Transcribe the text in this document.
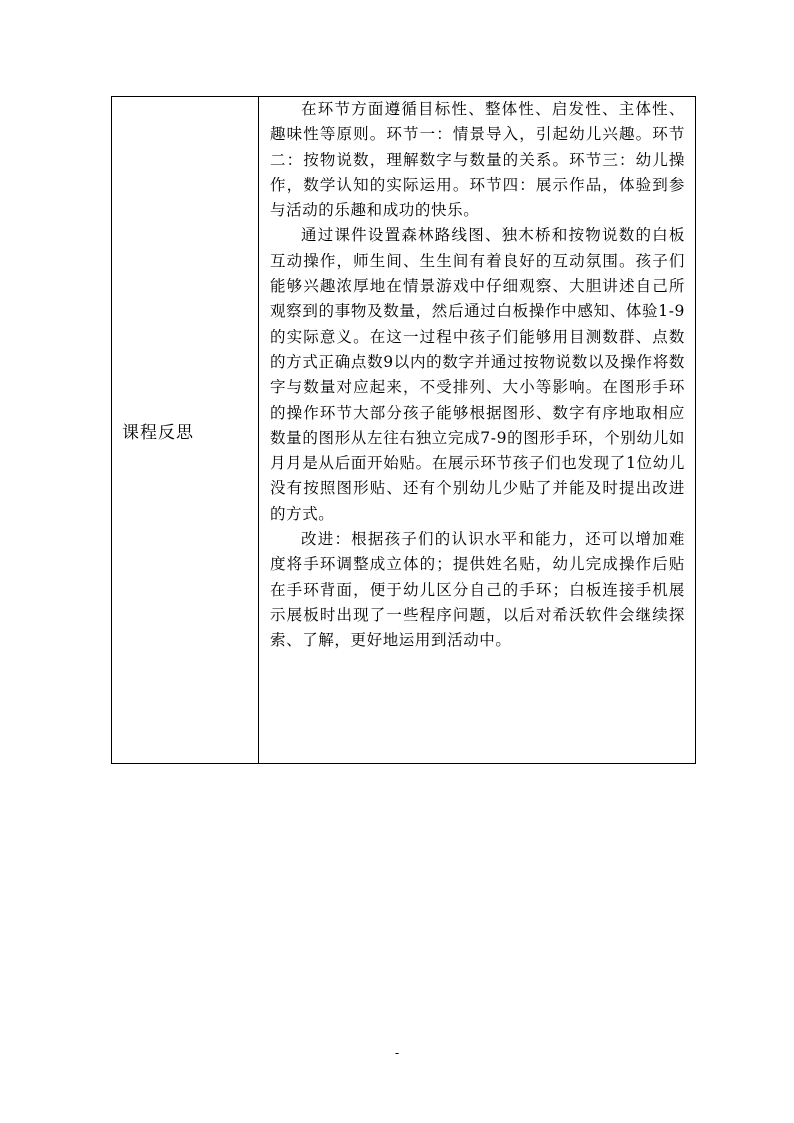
课程反思

在环节方面遵循目标性、整体性、启发性、主体性、趣味性等原则。环节一：情景导入，引起幼儿兴趣。环节二：按物说数，理解数字与数量的关系。环节三：幼儿操作，数学认知的实际运用。环节四：展示作品，体验到参与活动的乐趣和成功的快乐。

通过课件设置森林路线图、独木桥和按物说数的白板互动操作，师生间、生生间有着良好的互动氛围。孩子们能够兴趣浓厚地在情景游戏中仔细观察、大胆讲述自己所观察到的事物及数量，然后通过白板操作中感知、体验1-9的实际意义。在这一过程中孩子们能够用目测数群、点数的方式正确点数9以内的数字并通过按物说数以及操作将数字与数量对应起来，不受排列、大小等影响。在图形手环的操作环节大部分孩子能够根据图形、数字有序地取相应数量的图形从左往右独立完成7-9的图形手环，个别幼儿如月月是从后面开始贴。在展示环节孩子们也发现了1位幼儿没有按照图形贴、还有个别幼儿少贴了并能及时提出改进的方式。

改进：根据孩子们的认识水平和能力，还可以增加难度将手环调整成立体的；提供姓名贴，幼儿完成操作后贴在手环背面，便于幼儿区分自己的手环；白板连接手机展示展板时出现了一些程序问题，以后对希沃软件会继续探索、了解，更好地运用到活动中。

-
